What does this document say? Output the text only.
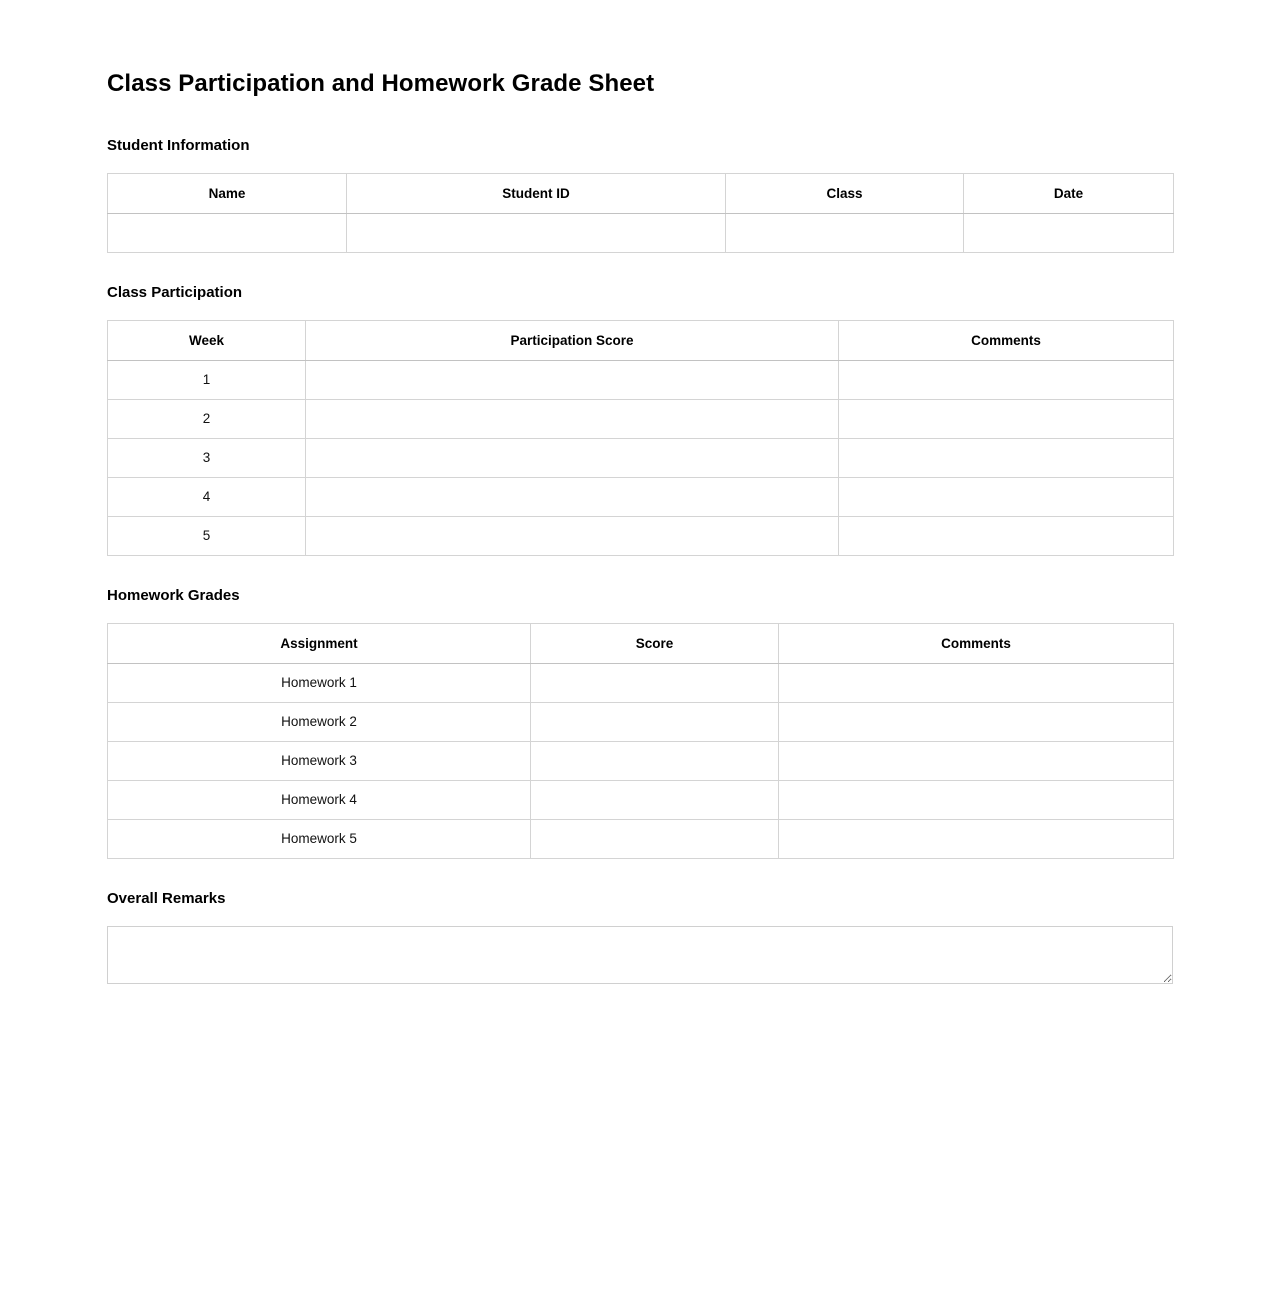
Class Participation and Homework Grade Sheet
Student Information
Name	Student ID	Class	Date

Class Participation
Week	Participation Score	Comments
1		
2		
3		
4		
5		
Homework Grades
Assignment	Score	Comments
Homework 1		
Homework 2		
Homework 3		
Homework 4		
Homework 5		
Overall Remarks
